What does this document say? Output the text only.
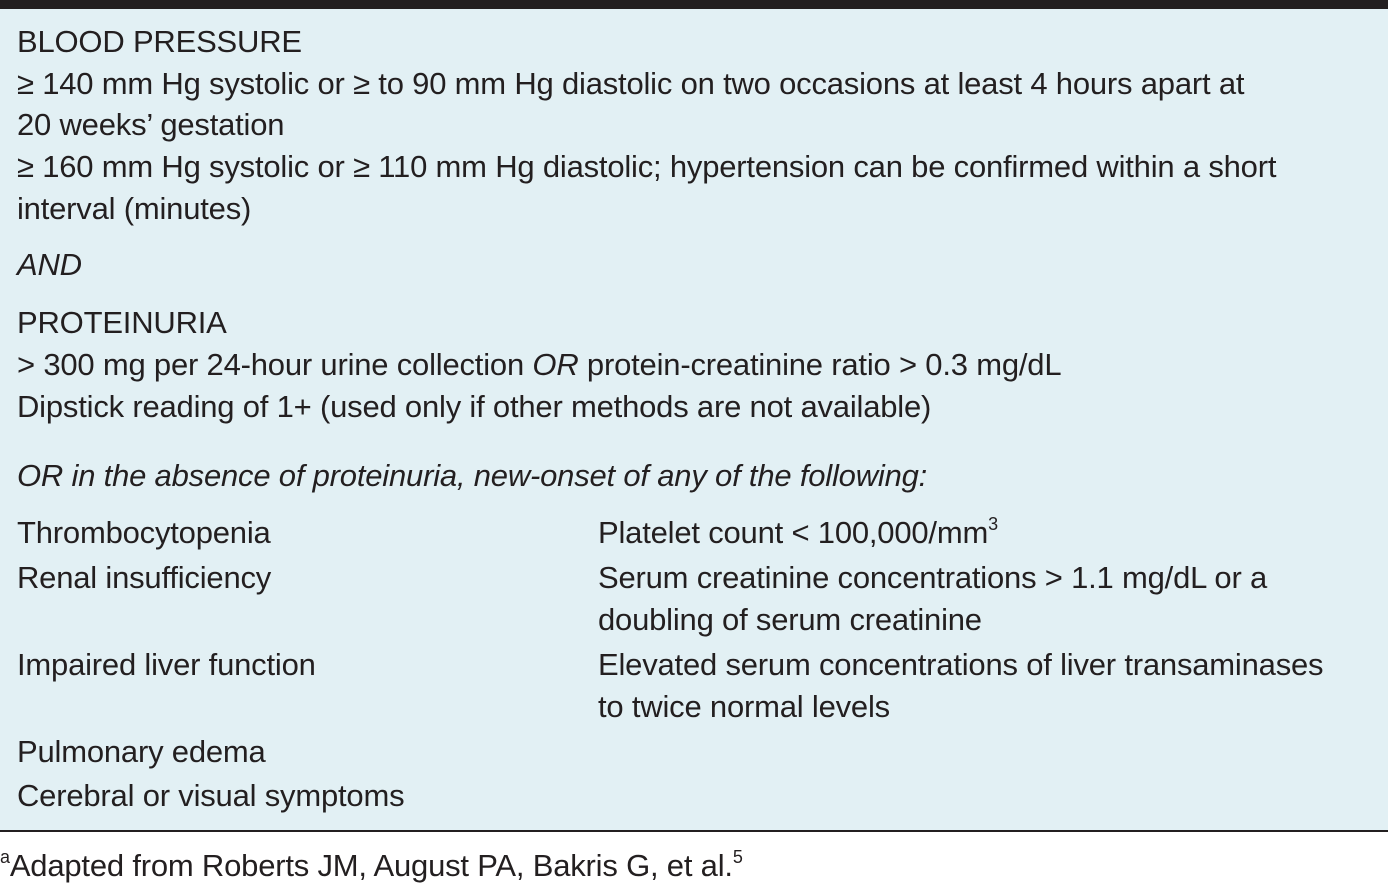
BLOOD PRESSURE
≥ 140 mm Hg systolic or ≥ to 90 mm Hg diastolic on two occasions at least 4 hours apart at
20 weeks’ gestation
≥ 160 mm Hg systolic or ≥ 110 mm Hg diastolic; hypertension can be confirmed within a short
interval (minutes)
AND
PROTEINURIA
> 300 mg per 24-hour urine collection OR protein-creatinine ratio > 0.3 mg/dL
Dipstick reading of 1+ (used only if other methods are not available)
OR in the absence of proteinuria, new-onset of any of the following:
Thrombocytopenia	Platelet count < $100,000/mm^3$
Renal insufficiency	Serum creatinine concentrations > 1.1 mg/dL or a
doubling of serum creatinine
Impaired liver function	Elevated serum concentrations of liver transaminases
to twice normal levels
Pulmonary edema
Cerebral or visual symptoms
$^a$Adapted from Roberts JM, August PA, Bakris G, et al.$^5$
